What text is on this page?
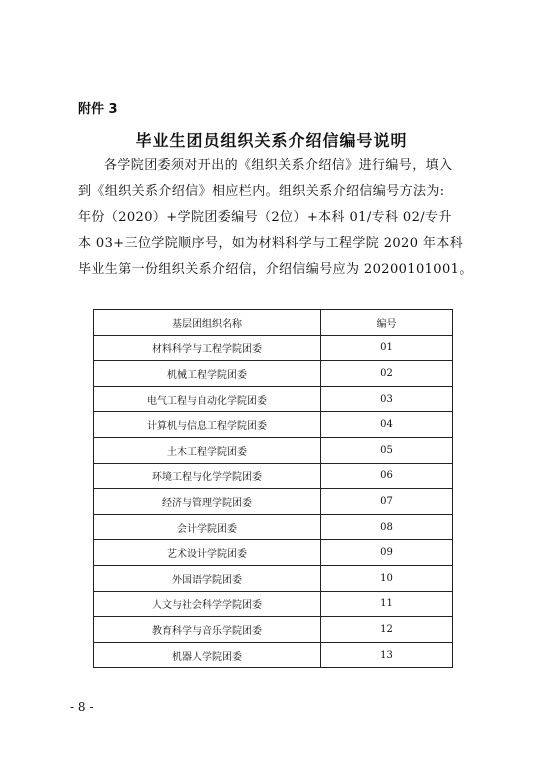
附件 3
毕业生团员组织关系介绍信编号说明
各学院团委须对开出的《组织关系介绍信》进行编号，填入
到《组织关系介绍信》相应栏内。组织关系介绍信编号方法为:
年份（2020）+学院团委编号（2位）+本科 01/专科 02/专升
本 03+三位学院顺序号，如为材料科学与工程学院 2020 年本科
毕业生第一份组织关系介绍信，介绍信编号应为 20200101001。
基层团组织名称	编号
材料科学与工程学院团委	01
机械工程学院团委	02
电气工程与自动化学院团委	03
计算机与信息工程学院团委	04
土木工程学院团委	05
环境工程与化学学院团委	06
经济与管理学院团委	07
会计学院团委	08
艺术设计学院团委	09
外国语学院团委	10
人文与社会科学学院团委	11
教育科学与音乐学院团委	12
机器人学院团委	13
- 8 -
